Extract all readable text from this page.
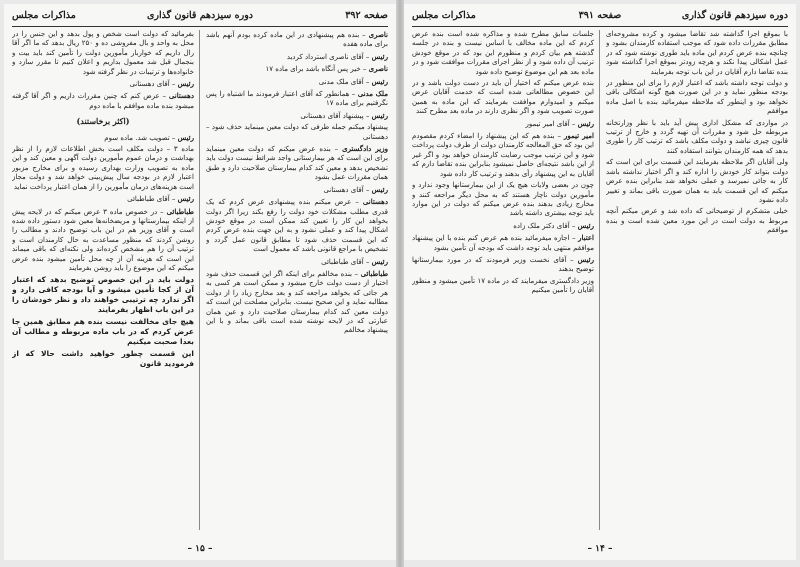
صفحه ۳۹۲
دوره سیزدهم قانون گذاری
مذاکرات مجلس
ناصری – بنده هم پیشنهادی در این ماده کرده بودم آنهم باشد برای ماده هفده
رئیس – آقای ناصری استرداد کردید
ناصری – خیر پس آنگاه باشد برای ماده ۱۷
رئیس – آقای ملک مدنی
ملک مدنی – همانطور که آقای اعتبار فرمودند ما اشتباه را پس نگرفتیم برای ماده ۱۷
رئیس – پیشنهاد آقای دهستانی
پیشنهاد میکنم جمله طرفی که دولت معین مینماید حذف شود – دهستانی
وزیر دادگستری – بنده عرض میکنم که دولت معین مینماید برای این است که هر بیمارستانی واجد شرائط نیست دولت باید تشخیص بدهد و معین کند کدام بیمارستان صلاحیت دارد و طبق همان مقررات عمل بشود
رئیس – آقای دهستانی
دهستانی – عرض میکنم بنده پیشنهادی عرض کردم که یک قدری مطلب مشکلات خود دولت را رفع بکند زیرا اگر دولت بخواهد این کار را تعیین کند ممکن است در موقع خودش اشکال پیدا کند و عملی نشود و به این جهت بنده عرض کردم که این قسمت حذف شود تا مطابق قانون عمل گردد و تشخیص با مراجع قانونی باشد که معمول است
رئیس – آقای طباطبائی
طباطبائی – بنده مخالفم برای اینکه اگر این قسمت حذف شود اختیار از دست دولت خارج میشود و ممکن است هر کسی به هر جائی که بخواهد مراجعه کند و بعد مخارج زیاد را از دولت مطالبه نماید و این صحیح نیست. بنابراین مصلحت این است که دولت معین کند کدام بیمارستان صلاحیت دارد و عین همان عبارتی که در لایحه نوشته شده است باقی بماند و با این پیشنهاد مخالفم
بفرمائید که دولت است شخص و پول بدهد و این جنس را در محل به واحد و بال مفروشی ده و ۲۵۰ ریال بدهد که ما اگر آقا رال داریم که خواربار مأمورین دولت را تأمین کند باید بیت و بنجمال قبل شد معمول بداریم و اعلان کنیم تا مقرر سازد و خانواده‌ها و ترتیبات در نظر گرفته شود
رئیس – آقای دهستانی
دهستانی – عرض کنم که چنین مقررات داریم و اگر آقا گرفته میشود بنده ماده موافقم با ماده دوم
(اکثر برخاستند)
رئیس – تصویب شد. ماده سوم
ماده ۳ – دولت مکلف است بخش اطلاعات لازم را از نظر بهداشت و درمان عموم مأمورین دولت آگهی و معین کند و این ماده به تصویب وزارت بهداری رسیده و برای مخارج مزبور اعتبار لازم در بودجه سال پیش‌بینی خواهد شد و دولت مجاز است هزینه‌های درمان مأمورین را از همان اعتبار پرداخت نماید
رئیس – آقای طباطبائی
طباطبائی – در خصوص ماده ۳ عرض میکنم که در لایحه پیش از اینکه بیمارستانها و مریضخانه‌ها معین شود دستور داده شده است و آقای وزیر هم در این باب توضیح دادند و مطالب را روشن کردند که منظور مساعدت به حال کارمندان است و ترتیب آن را هم مشخص کرده‌اند ولی نکته‌ای که باقی میماند این است که هزینه آن از چه محل تأمین میشود بنده عرض میکنم که این موضوع را باید روشن بفرمایند
دولت باید در این خصوص توضیح بدهد که اعتبار آن از کجا تأمین میشود و آیا بودجه کافی دارد و اگر ندارد چه ترتیبی خواهند داد و نظر خودشان را در این باب اظهار بفرمایند
هیچ جای مخالفت نیست بنده هم مطابق همین جا عرض کردم که در باب ماده مربوطه و مطالب آن بعدا صحبت میکنیم
این قسمت چطور خواهید داشت حالا که از فرمودید قانون
– ۱۵ –
دوره سیزدهم قانون گذاری
صفحه ۳۹۱
مذاکرات مجلس
با بموقع اجرا گذاشته شد تقاضا میشود و کرده مشروحه‌ای مطابق مقررات داده شود که موجب استفاده کارمندان بشود و چنانچه بنده عرض کردم این ماده باید طوری نوشته شود که در عمل اشکالی پیدا نکند و هرچه زودتر بموقع اجرا گذاشته شود بنده تقاضا دارم آقایان در این باب توجه بفرمایند
و دولت توجه داشته باشد که اعتبار لازم را برای این منظور در بودجه منظور نماید و در این صورت هیچ گونه اشکالی باقی نخواهد بود و اینطور که ملاحظه میفرمائید بنده با اصل ماده موافقم
در مواردی که مشکل اداری پیش آید باید با نظر وزارتخانه مربوطه حل شود و مقررات آن تهیه گردد و خارج از ترتیب قانون چیزی نباشد و دولت مکلف باشد که ترتیب کار را طوری بدهد که همه کارمندان بتوانند استفاده کنند
ولی آقایان اگر ملاحظه بفرمایند این قسمت برای این است که دولت بتواند کار خودش را اداره کند و اگر اختیار نداشته باشد کار به جائی نمیرسد و عملی نخواهد شد بنابراین بنده عرض میکنم که این قسمت باید به همان صورت باقی بماند و تغییر داده نشود
خیلی متشکرم از توضیحاتی که داده شد و عرض میکنم آنچه مربوط به دولت است در این مورد معین شده است و بنده موافقم
جلسات سابق مطرح شده و مذاکره شده است بنده عرض کردم که این ماده مخالف با اساس نیست و بنده در جلسه گذشته هم بیان کردم و منظورم این بود که در موقع خودش ترتیب آن داده شود و از نظر اجرای مقررات موافقت شود و در ماده بعد هم این موضوع توضیح داده شود
بنده عرض میکنم که اختیار آن باید در دست دولت باشد و در این خصوص مطالعاتی شده است که خدمت آقایان عرض میکنم و امیدوارم موافقت بفرمایند که این ماده به همین صورت تصویب شود و اگر نظری دارند در ماده بعد مطرح کنند
رئیس – آقای امیر تیمور
امیر تیمور – بنده هم که این پیشنهاد را امضاء کردم مقصودم این بود که حق المعالجه کارمندان دولت از طرف دولت پرداخت شود و این ترتیب موجب رضایت کارمندان خواهد بود و اگر غیر از این باشد نتیجه‌ای حاصل نمیشود بنابراین بنده تقاضا دارم که آقایان به این پیشنهاد رأی بدهند و ترتیب کار داده شود
چون در بعضی ولایات هیچ یک از این بیمارستانها وجود ندارد و مأمورین دولت ناچار هستند که به محل دیگر مراجعه کنند و مخارج زیادی بدهند بنده عرض میکنم که دولت در این موارد باید توجه بیشتری داشته باشد
رئیس – آقای دکتر ملک زاده
اعتبار – اجازه میفرمائید بنده هم عرض کنم بنده با این پیشنهاد موافقم منتهی باید توجه داشت که بودجه آن تأمین بشود
رئیس – آقای نخست وزیر فرمودند که در مورد بیمارستانها توضیح بدهند
وزیر دادگستری میفرمایند که در ماده ۱۷ تأمین میشود و منظور آقایان را تأمین میکنیم
– ۱۴ –
